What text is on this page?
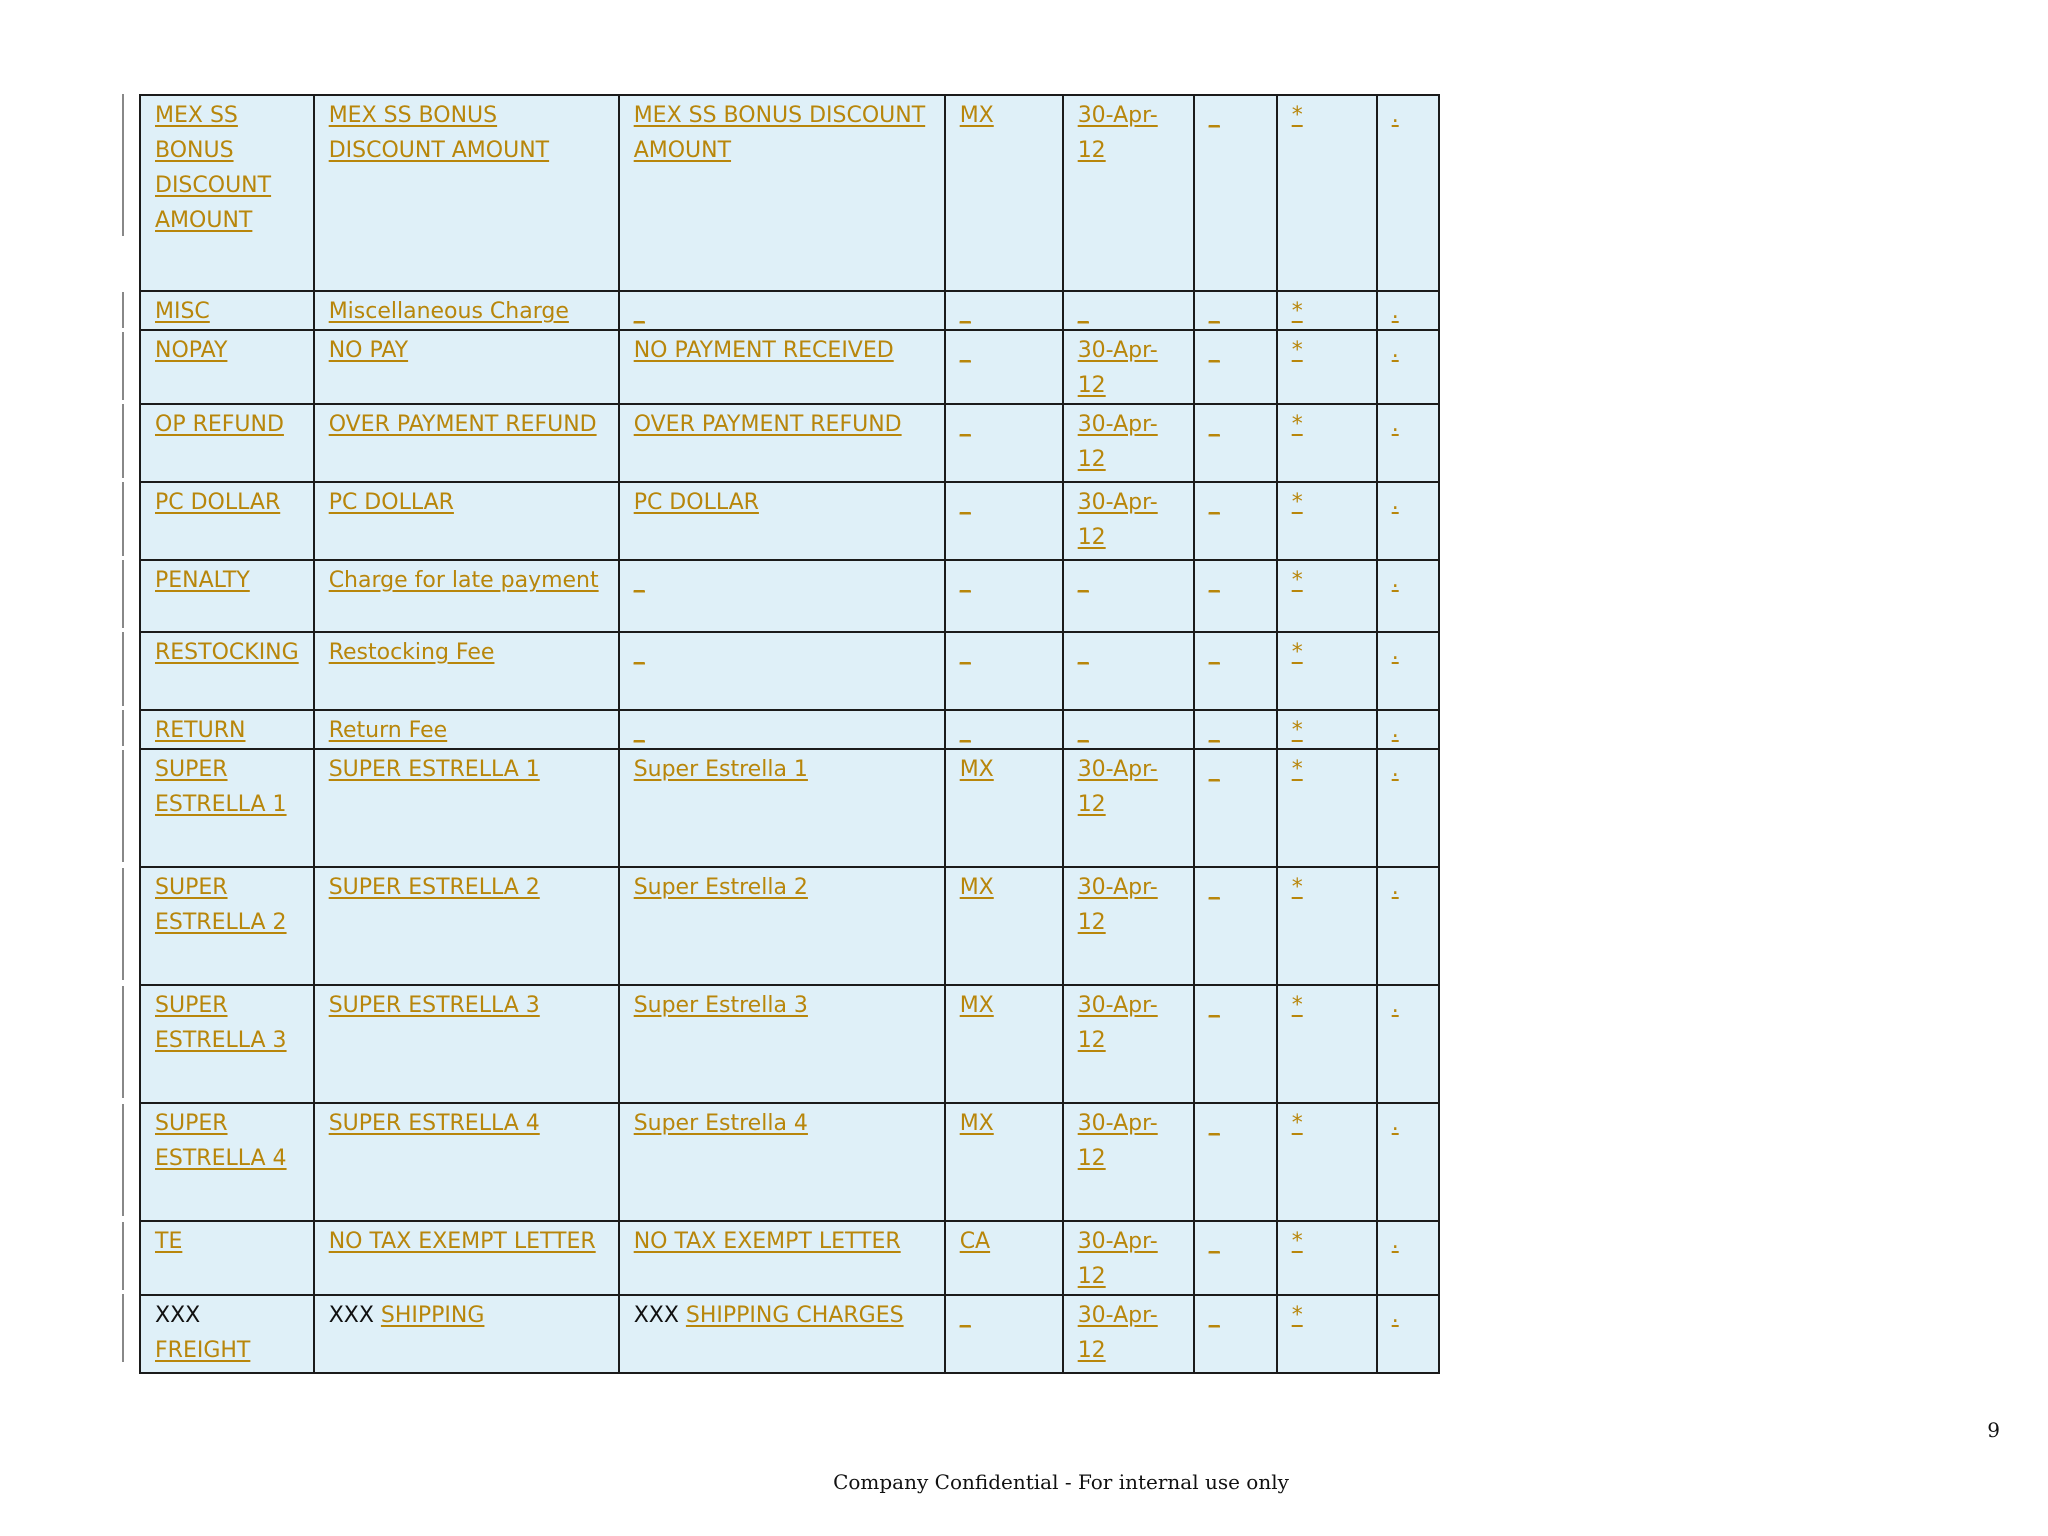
MEX SS BONUS DISCOUNT AMOUNT	MEX SS BONUS DISCOUNT AMOUNT	MEX SS BONUS DISCOUNT AMOUNT	MX	30-Apr-12	_	*	.
MISC	Miscellaneous Charge	_	_	_	_	*	.
NOPAY	NO PAY	NO PAYMENT RECEIVED	_	30-Apr-12	_	*	.
OP REFUND	OVER PAYMENT REFUND	OVER PAYMENT REFUND	_	30-Apr-12	_	*	.
PC DOLLAR	PC DOLLAR	PC DOLLAR	_	30-Apr-12	_	*	.
PENALTY	Charge for late payment	_	_	_	_	*	.
RESTOCKING	Restocking Fee	_	_	_	_	*	.
RETURN	Return Fee	_	_	_	_	*	.
SUPER ESTRELLA 1	SUPER ESTRELLA 1	Super Estrella 1	MX	30-Apr-12	_	*	.
SUPER ESTRELLA 2	SUPER ESTRELLA 2	Super Estrella 2	MX	30-Apr-12	_	*	.
SUPER ESTRELLA 3	SUPER ESTRELLA 3	Super Estrella 3	MX	30-Apr-12	_	*	.
SUPER ESTRELLA 4	SUPER ESTRELLA 4	Super Estrella 4	MX	30-Apr-12	_	*	.
TE	NO TAX EXEMPT LETTER	NO TAX EXEMPT LETTER	CA	30-Apr-12	_	*	.
XXX FREIGHT	XXX SHIPPING	XXX SHIPPING CHARGES	_	30-Apr-12	_	*	.
9
Company Confidential - For internal use only
